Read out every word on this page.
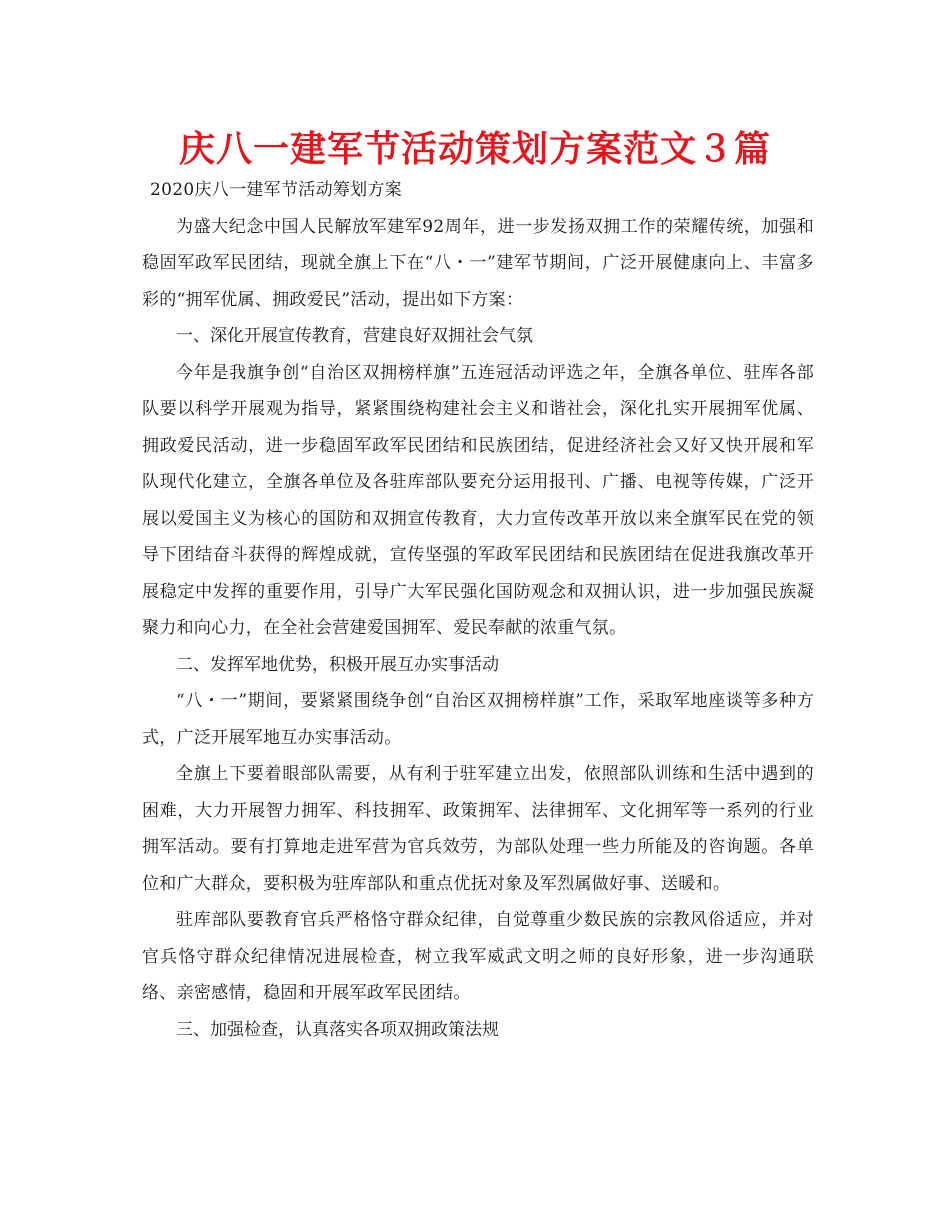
庆八一建军节活动策划方案范文３篇

2020庆八一建军节活动筹划方案

为盛大纪念中国人民解放军建军92周年，进一步发扬双拥工作的荣耀传统，加强和稳固军政军民团结，现就全旗上下在“八・一”建军节期间，广泛开展健康向上、丰富多彩的“拥军优属、拥政爱民”活动，提出如下方案：

一、深化开展宣传教育，营建良好双拥社会气氛

今年是我旗争创“自治区双拥榜样旗”五连冠活动评选之年，全旗各单位、驻库各部队要以科学开展观为指导，紧紧围绕构建社会主义和谐社会，深化扎实开展拥军优属、拥政爱民活动，进一步稳固军政军民团结和民族团结，促进经济社会又好又快开展和军队现代化建立，全旗各单位及各驻库部队要充分运用报刊、广播、电视等传媒，广泛开展以爱国主义为核心的国防和双拥宣传教育，大力宣传改革开放以来全旗军民在党的领导下团结奋斗获得的辉煌成就，宣传坚强的军政军民团结和民族团结在促进我旗改革开展稳定中发挥的重要作用，引导广大军民强化国防观念和双拥认识，进一步加强民族凝聚力和向心力，在全社会营建爱国拥军、爱民奉献的浓重气氛。

二、发挥军地优势，积极开展互办实事活动

“八・一”期间，要紧紧围绕争创“自治区双拥榜样旗”工作，采取军地座谈等多种方式，广泛开展军地互办实事活动。

全旗上下要着眼部队需要，从有利于驻军建立出发，依照部队训练和生活中遇到的困难，大力开展智力拥军、科技拥军、政策拥军、法律拥军、文化拥军等一系列的行业拥军活动。要有打算地走进军营为官兵效劳，为部队处理一些力所能及的咨询题。各单位和广大群众，要积极为驻库部队和重点优抚对象及军烈属做好事、送暖和。

驻库部队要教育官兵严格恪守群众纪律，自觉尊重少数民族的宗教风俗适应，并对官兵恪守群众纪律情况进展检查，树立我军威武文明之师的良好形象，进一步沟通联络、亲密感情，稳固和开展军政军民团结。

三、加强检查，认真落实各项双拥政策法规
